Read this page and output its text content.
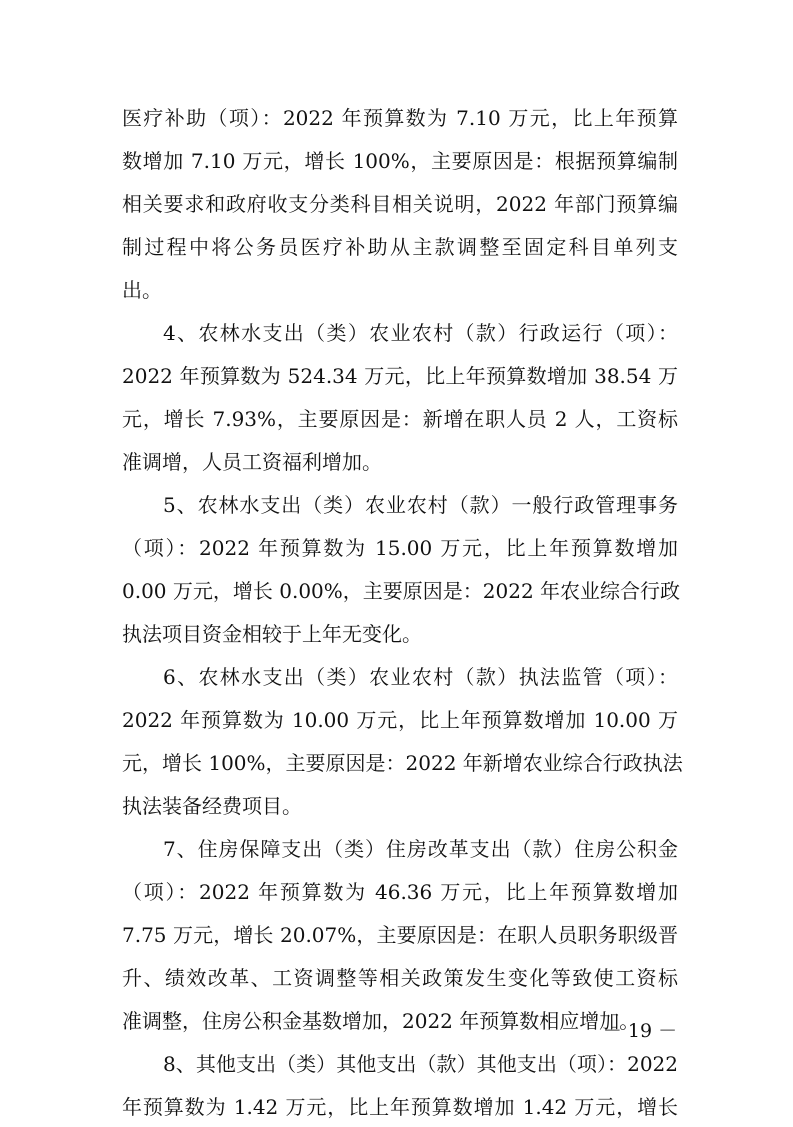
医疗补助（项）：2022 年预算数为 7.10 万元，比上年预算
数增加 7.10 万元，增长 100%，主要原因是：根据预算编制
相关要求和政府收支分类科目相关说明，2022 年部门预算编
制过程中将公务员医疗补助从主款调整至固定科目单列支
出。
4、农林水支出（类）农业农村（款）行政运行（项）：
2022 年预算数为 524.34 万元，比上年预算数增加 38.54 万
元，增长 7.93%，主要原因是：新增在职人员 2 人，工资标
准调增，人员工资福利增加。
5、农林水支出（类）农业农村（款）一般行政管理事务
（项）：2022 年预算数为 15.00 万元，比上年预算数增加
0.00 万元，增长 0.00%，主要原因是：2022 年农业综合行政
执法项目资金相较于上年无变化。
6、农林水支出（类）农业农村（款）执法监管（项）：
2022 年预算数为 10.00 万元，比上年预算数增加 10.00 万
元，增长 100%，主要原因是：2022 年新增农业综合行政执法
执法装备经费项目。
7、住房保障支出（类）住房改革支出（款）住房公积金
（项）：2022 年预算数为 46.36 万元，比上年预算数增加
7.75 万元，增长 20.07%，主要原因是：在职人员职务职级晋
升、绩效改革、工资调整等相关政策发生变化等致使工资标
准调整，住房公积金基数增加，2022 年预算数相应增加。
8、其他支出（类）其他支出（款）其他支出（项）：2022
年预算数为 1.42 万元，比上年预算数增加 1.42 万元，增长
－ 19 －
